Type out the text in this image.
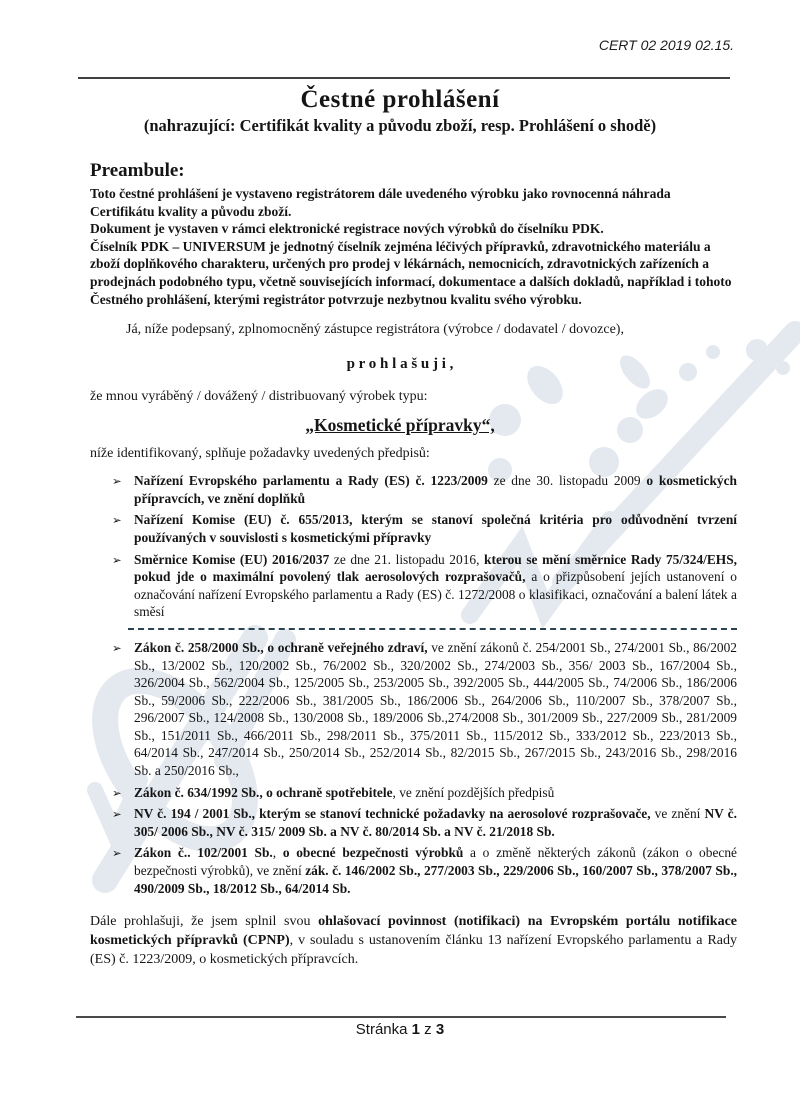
CERT 02 2019 02.15.
Čestné prohlášení
(nahrazující: Certifikát kvality a původu zboží, resp. Prohlášení o shodě)
Preambule:

Toto čestné prohlášení je vystaveno registrátorem dále uvedeného výrobku jako rovnocenná náhrada Certifikátu kvality a původu zboží.

Dokument je vystaven v rámci elektronické registrace nových výrobků do číselníku PDK.

Číselník PDK – UNIVERSUM je jednotný číselník zejména léčivých přípravků, zdravotnického materiálu a zboží doplňkového charakteru, určených pro prodej v lékárnách, nemocnicích, zdravotnických zařízeních a prodejnách podobného typu, včetně souvisejících informací, dokumentace a dalších dokladů, například i tohoto Čestného prohlášení, kterými registrátor potvrzuje nezbytnou kvalitu svého výrobku.

Já, níže podepsaný, zplnomocněný zástupce registrátora (výrobce / dodavatel / dovozce),

p r o h l a š u j i ,

že mnou vyráběný / dovážený / distribuovaný výrobek typu:

„Kosmetické přípravky“,

níže identifikovaný, splňuje požadavky uvedených předpisů:

➢ Nařízení Evropského parlamentu a Rady (ES) č. 1223/2009 ze dne 30. listopadu 2009 o kosmetických přípravcích, ve znění doplňků
➢ Nařízení Komise (EU) č. 655/2013, kterým se stanoví společná kritéria pro odůvodnění tvrzení používaných v souvislosti s kosmetickými přípravky
➢ Směrnice Komise (EU) 2016/2037 ze dne 21. listopadu 2016, kterou se mění směrnice Rady 75/324/EHS, pokud jde o maximální povolený tlak aerosolových rozprašovačů, a o přizpůsobení jejích ustanovení o označování nařízení Evropského parlamentu a Rady (ES) č. 1272/2008 o klasifikaci, označování a balení látek a směsí
➢ Zákon č. 258/2000 Sb., o ochraně veřejného zdraví, ve znění zákonů č. 254/2001 Sb., 274/2001 Sb., 86/2002 Sb., 13/2002 Sb., 120/2002 Sb., 76/2002 Sb., 320/2002 Sb., 274/2003 Sb., 356/ 2003 Sb., 167/2004 Sb., 326/2004 Sb., 562/2004 Sb., 125/2005 Sb., 253/2005 Sb., 392/2005 Sb., 444/2005 Sb., 74/2006 Sb., 186/2006 Sb., 59/2006 Sb., 222/2006 Sb., 381/2005 Sb., 186/2006 Sb., 264/2006 Sb., 110/2007 Sb., 378/2007 Sb., 296/2007 Sb., 124/2008 Sb., 130/2008 Sb., 189/2006 Sb.,274/2008 Sb., 301/2009 Sb., 227/2009 Sb., 281/2009 Sb., 151/2011 Sb., 466/2011 Sb., 298/2011 Sb., 375/2011 Sb., 115/2012 Sb., 333/2012 Sb., 223/2013 Sb., 64/2014 Sb., 247/2014 Sb., 250/2014 Sb., 252/2014 Sb., 82/2015 Sb., 267/2015 Sb., 243/2016 Sb., 298/2016 Sb. a 250/2016 Sb.,
➢ Zákon č. 634/1992 Sb., o ochraně spotřebitele, ve znění pozdějších předpisů
➢ NV č. 194 / 2001 Sb., kterým se stanoví technické požadavky na aerosolové rozprašovače, ve znění NV č. 305/ 2006 Sb., NV č. 315/ 2009 Sb. a NV č. 80/2014 Sb. a NV č. 21/2018 Sb.
➢ Zákon č.. 102/2001 Sb., o obecné bezpečnosti výrobků a o změně některých zákonů (zákon o obecné bezpečnosti výrobků), ve znění zák. č. 146/2002 Sb., 277/2003 Sb., 229/2006 Sb., 160/2007 Sb., 378/2007 Sb., 490/2009 Sb., 18/2012 Sb., 64/2014 Sb.

Dále prohlašuji, že jsem splnil svou ohlašovací povinnost (notifikaci) na Evropském portálu notifikace kosmetických přípravků (CPNP), v souladu s ustanovením článku 13 nařízení Evropského parlamentu a Rady (ES) č. 1223/2009, o kosmetických přípravcích.

Stránka 1 z 3
